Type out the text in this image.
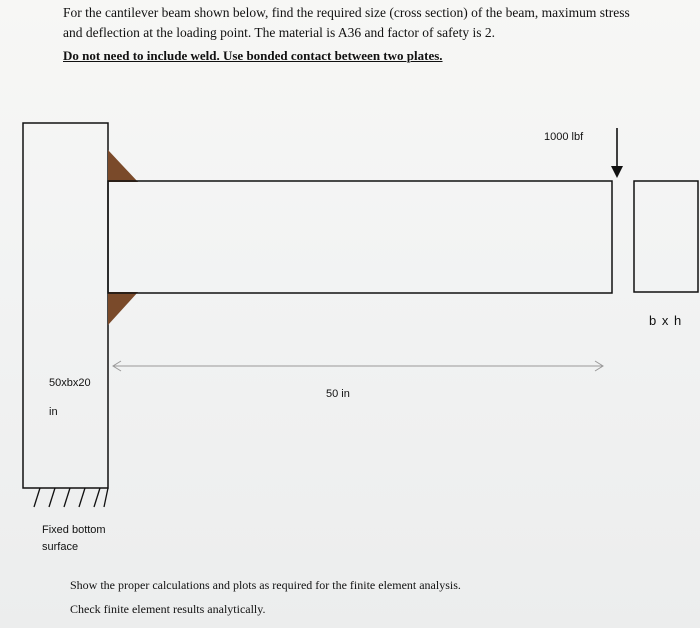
For the cantilever beam shown below, find the required size (cross section) of the beam, maximum stress and deflection at the loading point. The material is A36 and factor of safety is 2.
Do not need to include weld. Use bonded contact between two plates.
1000 lbf
b x h
50xbx20
in
50 in
Fixed bottom
surface
Show the proper calculations and plots as required for the finite element analysis.
Check finite element results analytically.
